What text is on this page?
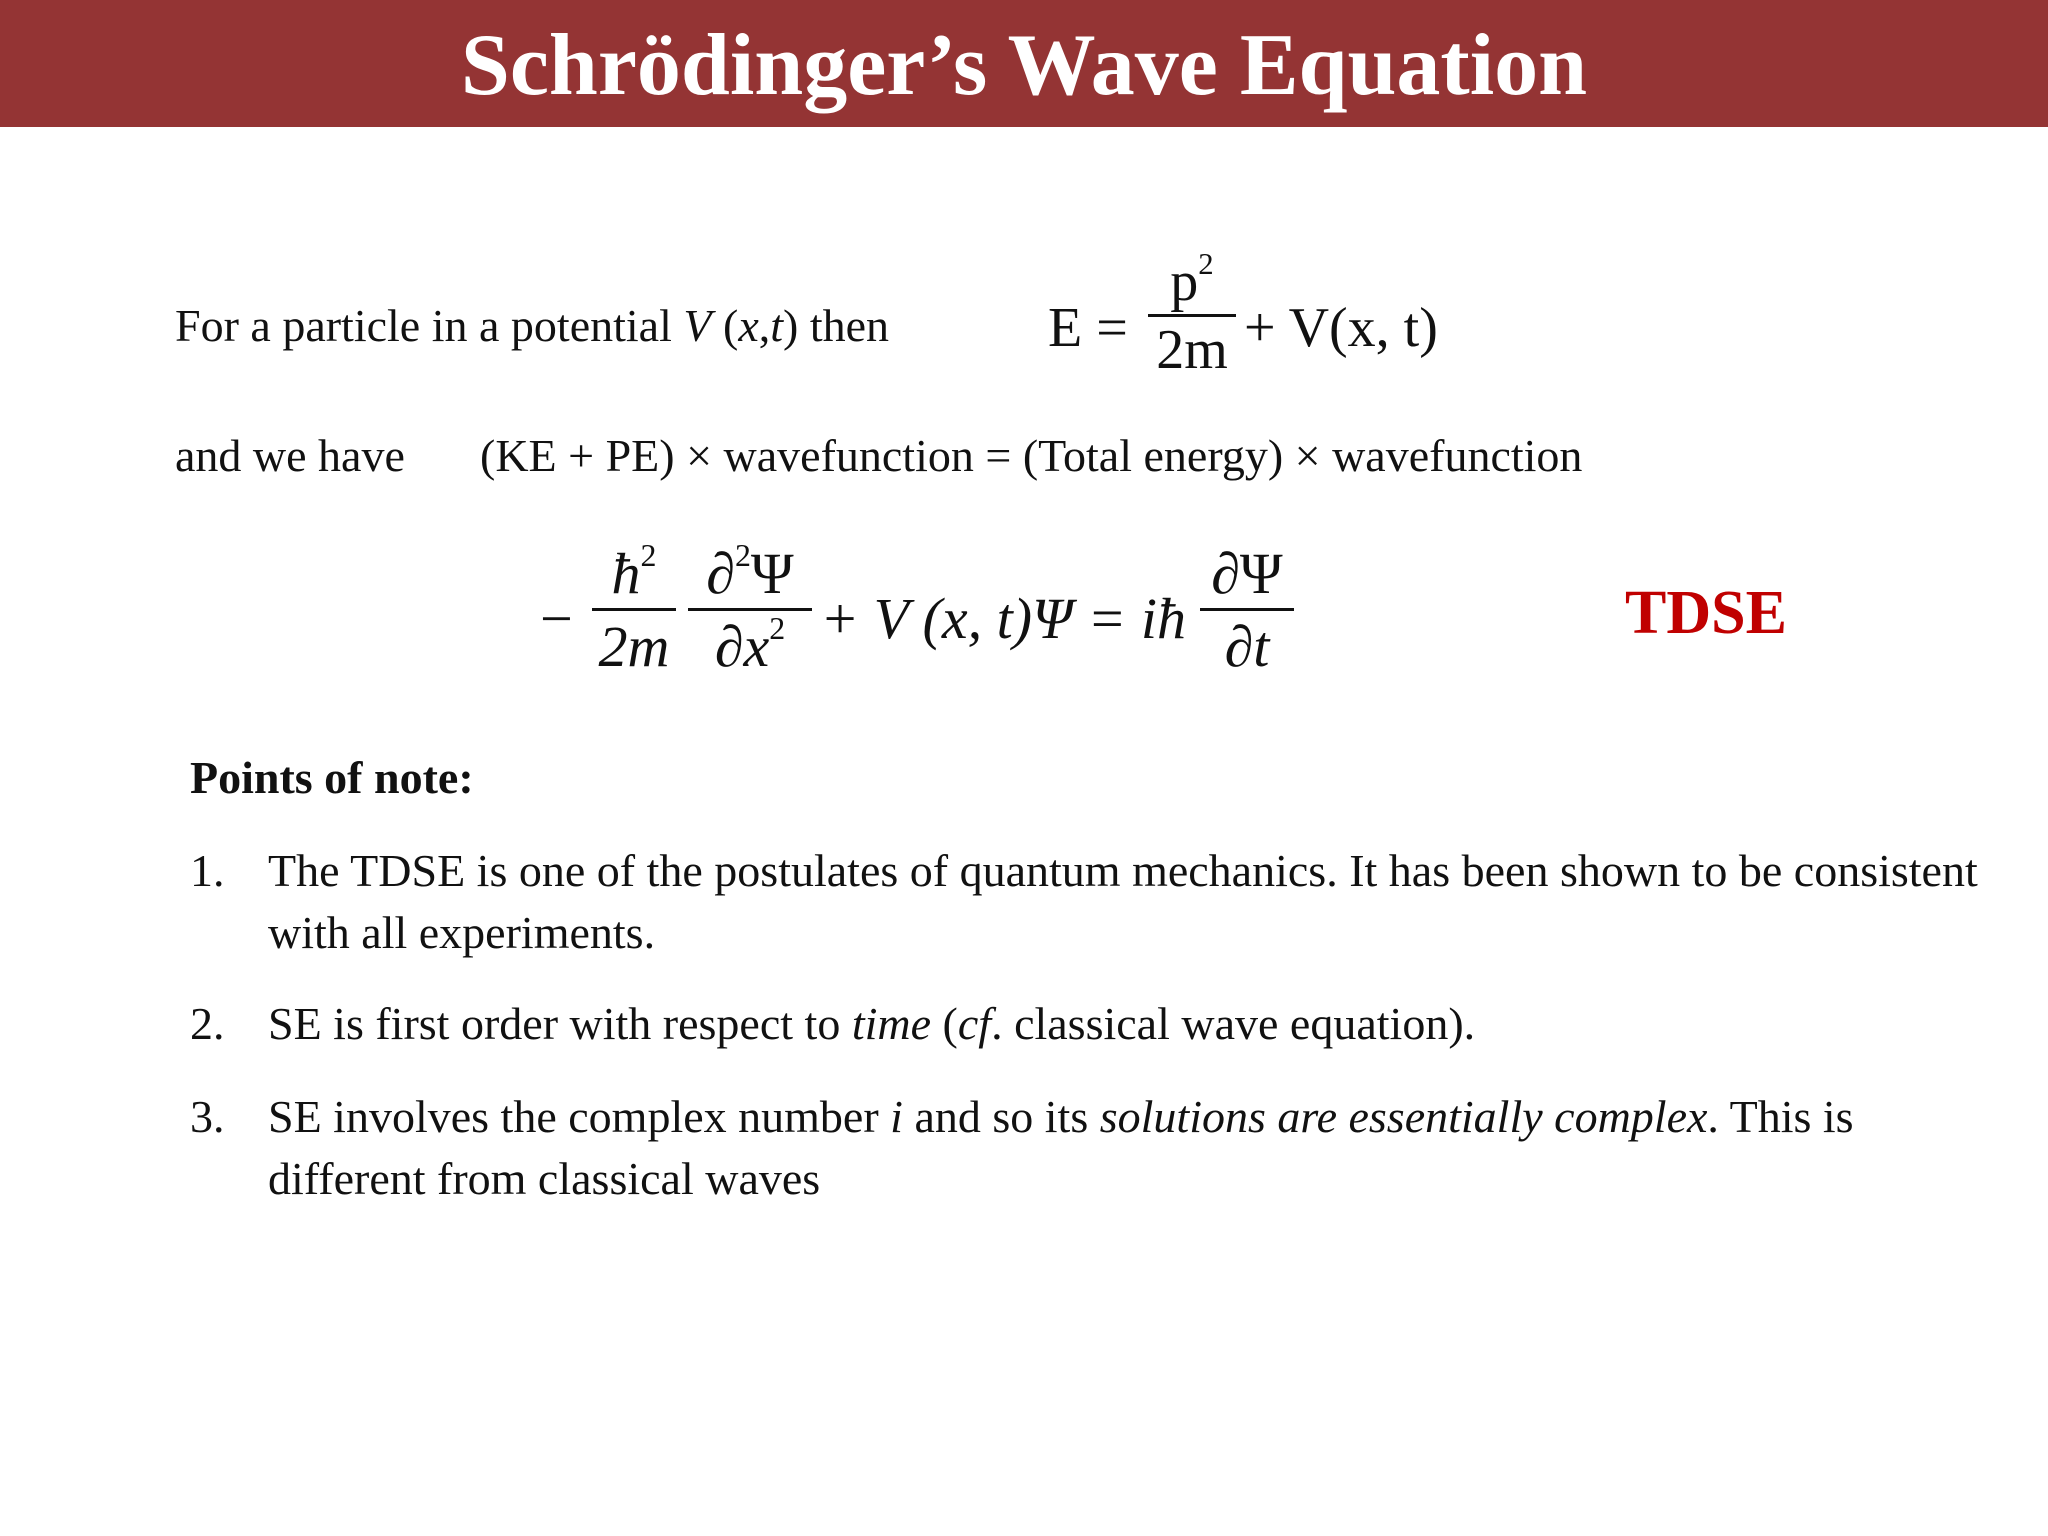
Schrödinger’s Wave Equation
For a particle in a potential V (x,t) then	E =
$p^2$
2m + V(x, t)
and we have (KE + PE) × wavefunction = (Total energy) × wavefunction
−
$ħ^2$
2m
∂$^2$Ψ
$\partial x^2 + V$ (x, t)Ψ = iħ
∂Ψ
∂t	TDSE
Points of note:
1. The TDSE is one of the postulates of quantum mechanics. It has been shown to be consistent with all experiments.
2. SE is first order with respect to time (cf. classical wave equation).
3. SE involves the complex number i and so its solutions are essentially complex. This is different from classical waves
